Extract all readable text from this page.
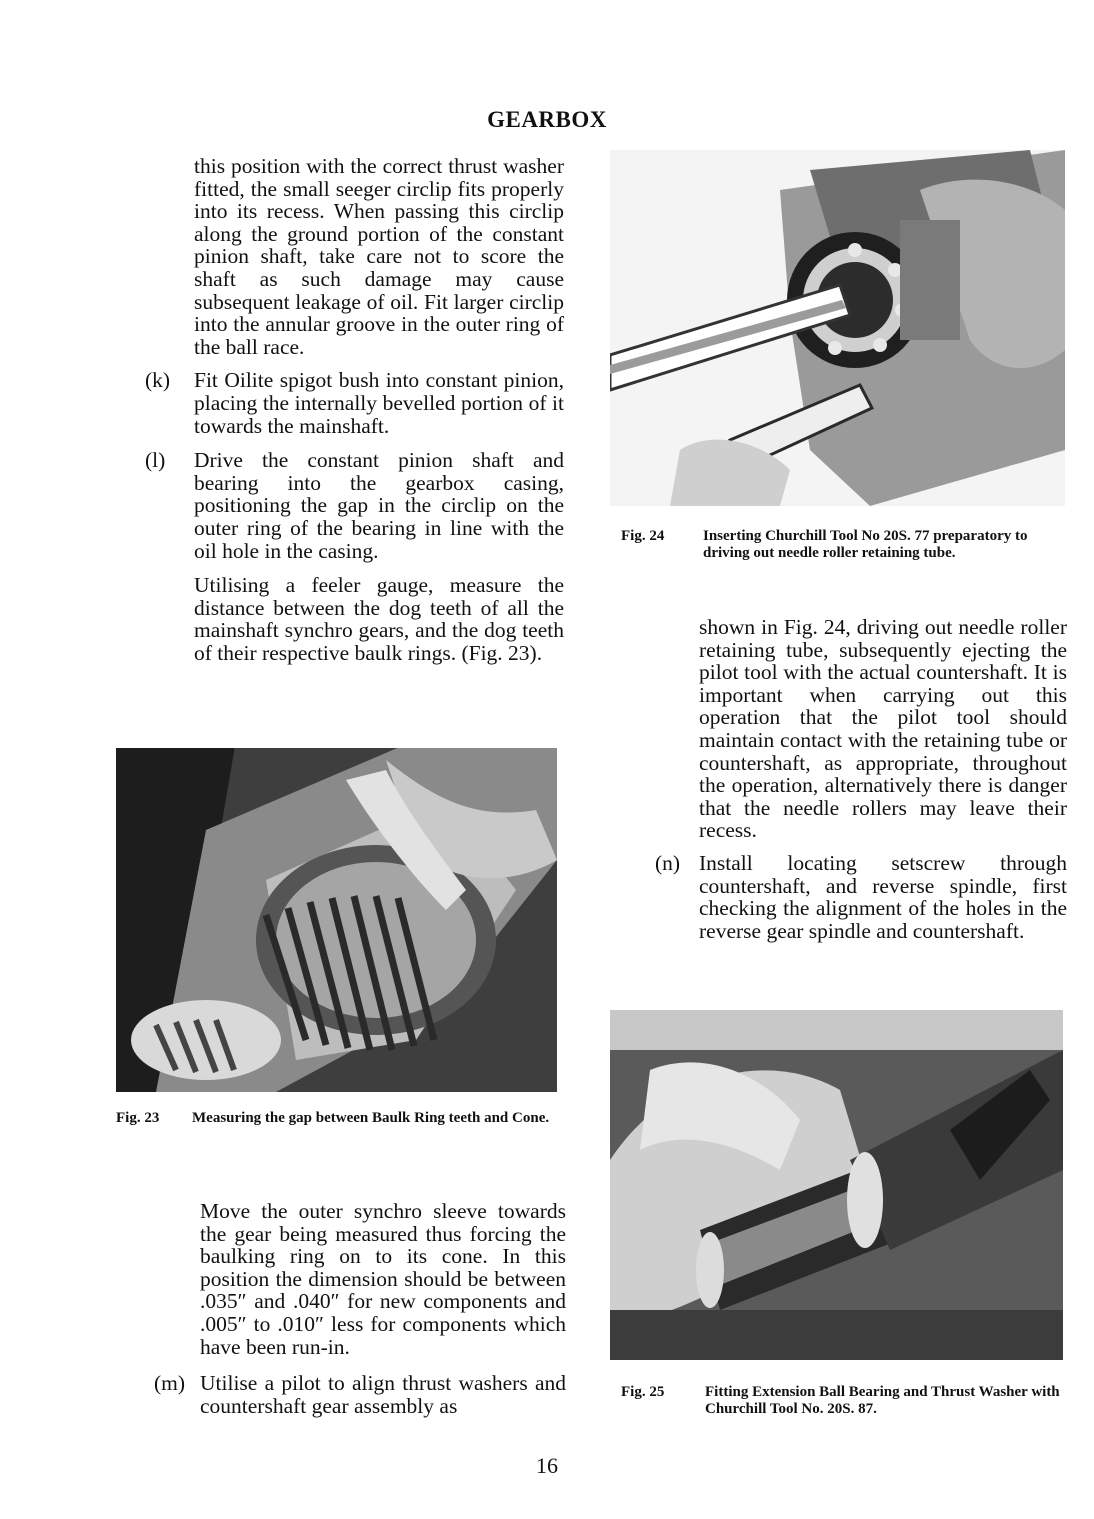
GEARBOX

this position with the correct thrust washer fitted, the small seeger circlip fits properly into its recess. When passing this circlip along the ground portion of the constant pinion shaft, take care not to score the shaft as such damage may cause subsequent leakage of oil. Fit larger circlip into the annular groove in the outer ring of the ball race.

(k) Fit Oilite spigot bush into constant pinion, placing the internally bevelled portion of it towards the mainshaft.
(l) Drive the constant pinion shaft and bearing into the gearbox casing, positioning the gap in the circlip on the outer ring of the bearing in line with the oil hole in the casing.

Utilising a feeler gauge, measure the distance between the dog teeth of all the mainshaft synchro gears, and the dog teeth of their respective baulk rings. (Fig. 23).

Fig. 23 Measuring the gap between Baulk Ring teeth and Cone.

Move the outer synchro sleeve towards the gear being measured thus forcing the baulking ring on to its cone. In this position the dimension should be between .035″ and .040″ for new components and .005″ to .010″ less for components which have been run-in.

(m) Utilise a pilot to align thrust washers and countershaft gear assembly as
Fig. 24	Inserting Churchill Tool No 20S. 77 preparatory to driving out needle roller retaining tube.

shown in Fig. 24, driving out needle roller retaining tube, subsequently ejecting the pilot tool with the actual countershaft. It is important when carrying out this operation that the pilot tool should maintain contact with the retaining tube or countershaft, as appropriate, throughout the operation, alternatively there is danger that the needle rollers may leave their recess.

(n) Install locating setscrew through countershaft, and reverse spindle, first checking the alignment of the holes in the reverse gear spindle and countershaft.
Fig. 25	Fitting Extension Ball Bearing and Thrust Washer with Churchill Tool No. 20S. 87.
16
